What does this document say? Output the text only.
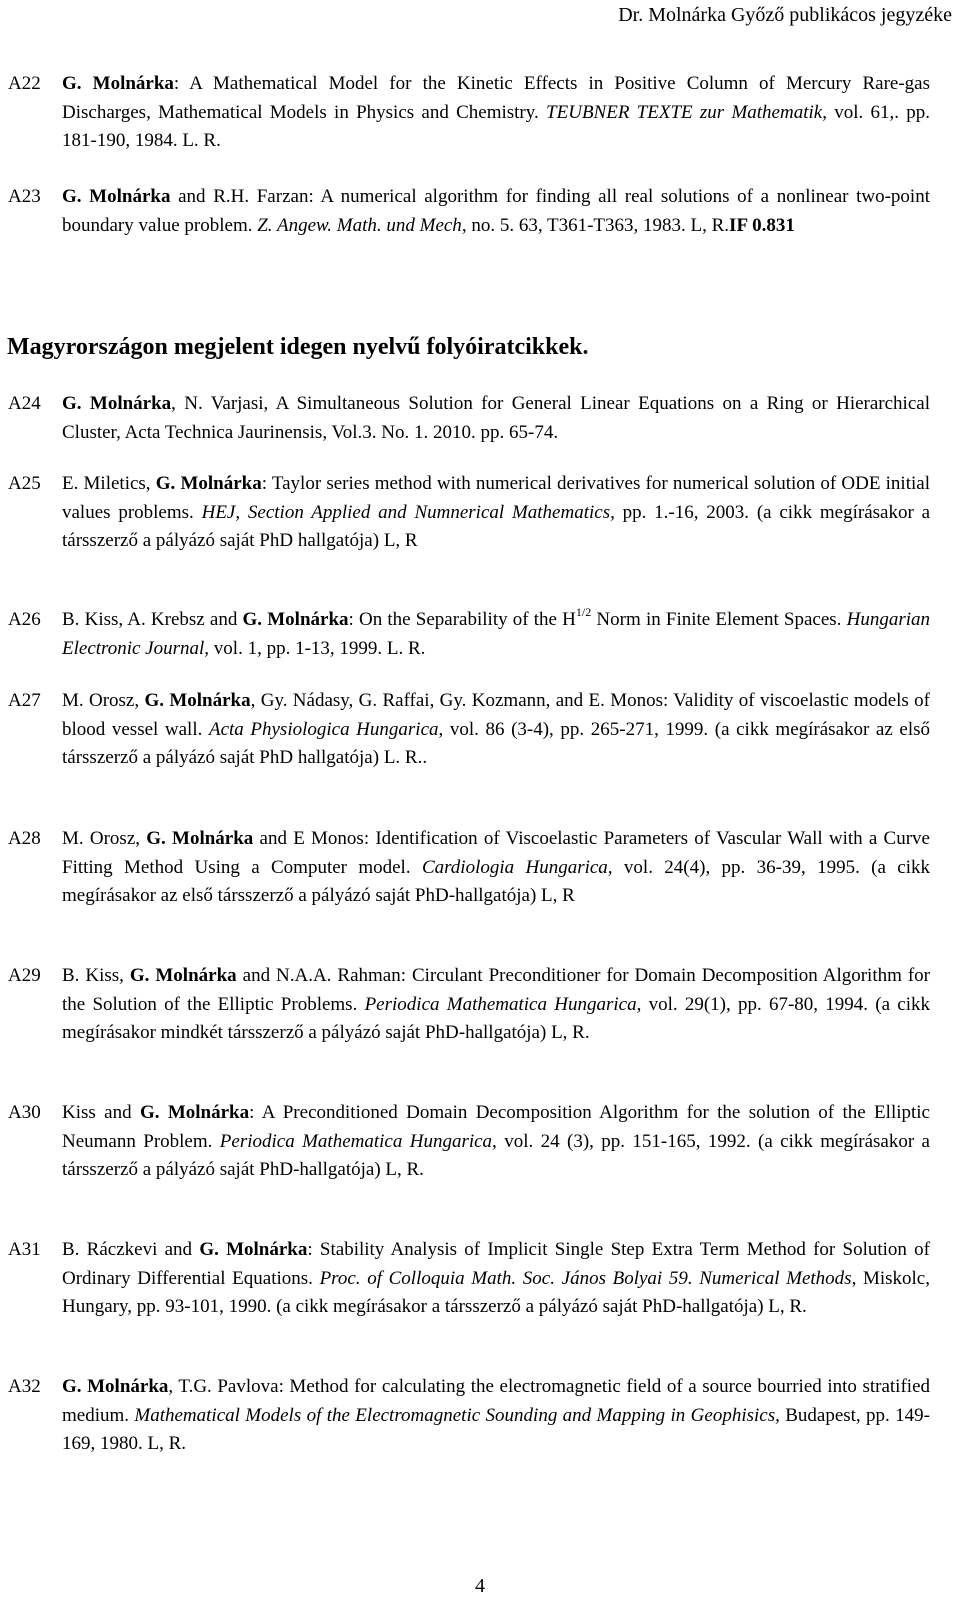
Dr. Molnárka Győző publikácos jegyzéke
A22 G. Molnárka: A Mathematical Model for the Kinetic Effects in Positive Column of Mercury Rare-gas Discharges, Mathematical Models in Physics and Chemistry. TEUBNER TEXTE zur Mathematik, vol. 61,. pp. 181-190, 1984. L. R.
A23 G. Molnárka and R.H. Farzan: A numerical algorithm for finding all real solutions of a nonlinear two-point boundary value problem. Z. Angew. Math. und Mech, no. 5. 63, T361-T363, 1983. L, R.IF 0.831
Magyrországon megjelent idegen nyelvű folyóiratcikkek.
A24 G. Molnárka, N. Varjasi, A Simultaneous Solution for General Linear Equations on a Ring or Hierarchical Cluster, Acta Technica Jaurinensis, Vol.3. No. 1. 2010. pp. 65-74.
A25 E. Miletics, G. Molnárka: Taylor series method with numerical derivatives for numerical solution of ODE initial values problems. HEJ, Section Applied and Numnerical Mathematics, pp. 1.-16, 2003. (a cikk megírásakor a társszerző a pályázó saját PhD hallgatója) L, R
A26 B. Kiss, A. Krebsz and G. Molnárka: On the Separability of the $H^{1/2}$ Norm in Finite Element Spaces. Hungarian Electronic Journal, vol. 1, pp. 1-13, 1999. L. R.
A27 M. Orosz, G. Molnárka, Gy. Nádasy, G. Raffai, Gy. Kozmann, and E. Monos: Validity of viscoelastic models of blood vessel wall. Acta Physiologica Hungarica, vol. 86 (3-4), pp. 265-271, 1999. (a cikk megírásakor az első társszerző a pályázó saját PhD hallgatója) L. R..
A28 M. Orosz, G. Molnárka and E Monos: Identification of Viscoelastic Parameters of Vascular Wall with a Curve Fitting Method Using a Computer model. Cardiologia Hungarica, vol. 24(4), pp. 36-39, 1995. (a cikk megírásakor az első társszerző a pályázó saját PhD-hallgatója) L, R
A29 B. Kiss, G. Molnárka and N.A.A. Rahman: Circulant Preconditioner for Domain Decomposition Algorithm for the Solution of the Elliptic Problems. Periodica Mathematica Hungarica, vol. 29(1), pp. 67-80, 1994. (a cikk megírásakor mindkét társszerző a pályázó saját PhD-hallgatója) L, R.
A30 Kiss and G. Molnárka: A Preconditioned Domain Decomposition Algorithm for the solution of the Elliptic Neumann Problem. Periodica Mathematica Hungarica, vol. 24 (3), pp. 151-165, 1992. (a cikk megírásakor a társszerző a pályázó saját PhD-hallgatója) L, R.
A31 B. Ráczkevi and G. Molnárka: Stability Analysis of Implicit Single Step Extra Term Method for Solution of Ordinary Differential Equations. Proc. of Colloquia Math. Soc. János Bolyai 59. Numerical Methods, Miskolc, Hungary, pp. 93-101, 1990. (a cikk megírásakor a társszerző a pályázó saját PhD-hallgatója) L, R.
A32 G. Molnárka, T.G. Pavlova: Method for calculating the electromagnetic field of a source bourried into stratified medium. Mathematical Models of the Electromagnetic Sounding and Mapping in Geophisics, Budapest, pp. 149-169, 1980. L, R.
4
